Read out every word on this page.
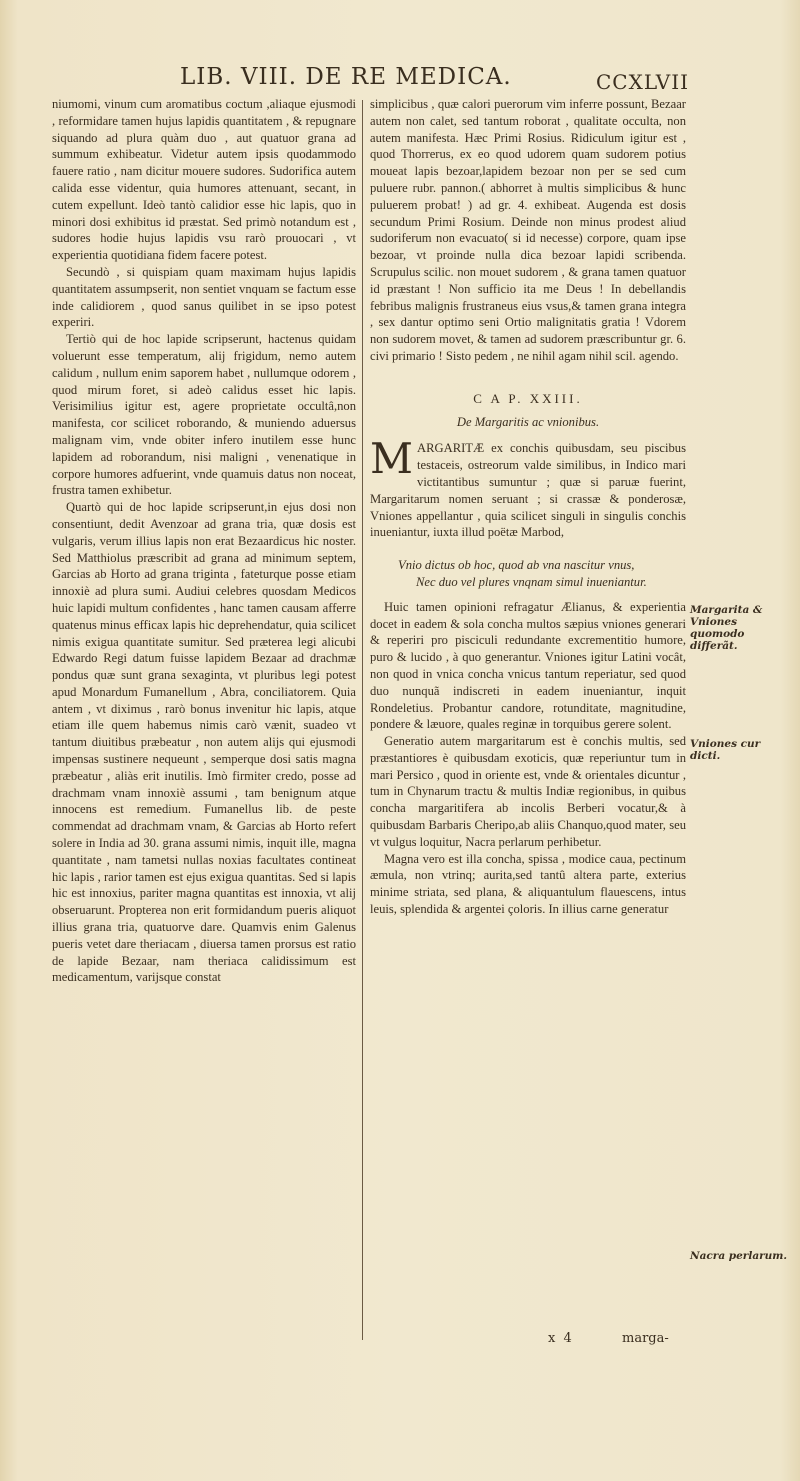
LIB. VIII. DE RE MEDICA.	CCXLVII

niumomi, vinum cum aromatibus coctum ,aliaque ejusmodi , reformidare tamen hujus lapidis quantitatem , & repugnare siquando ad plura quàm duo , aut quatuor grana ad summum exhibeatur. Videtur autem ipsis quodammodo fauere ratio , nam dicitur mouere sudores. Sudorifica autem calida esse videntur, quia humores attenuant, secant, in cutem expellunt. Ideò tantò calidior esse hic lapis, quo in minori dosi exhibitus id præstat. Sed primò notandum est , sudores hodie hujus lapidis vsu rarò prouocari , vt experientia quotidiana fidem facere potest.

Secundò , si quispiam quam maximam hujus lapidis quantitatem assumpserit, non sentiet vnquam se factum esse inde calidiorem , quod sanus quilibet in se ipso potest experiri.

Tertiò qui de hoc lapide scripserunt, hactenus quidam voluerunt esse temperatum, alij frigidum, nemo autem calidum , nullum enim saporem habet , nullumque odorem , quod mirum foret, si adeò calidus esset hic lapis. Verisimilius igitur est, agere proprietate occultâ,non manifesta, cor scilicet roborando, & muniendo aduersus malignam vim, vnde obiter infero inutilem esse hunc lapidem ad roborandum, nisi maligni , venenatique in corpore humores adfuerint, vnde quamuis datus non noceat, frustra tamen exhibetur.

Quartò qui de hoc lapide scripserunt,in ejus dosi non consentiunt, dedit Avenzoar ad grana tria, quæ dosis est vulgaris, verum illius lapis non erat Bezaardicus hic noster. Sed Matthiolus præscribit ad grana ad minimum septem, Garcias ab Horto ad grana triginta , fateturque posse etiam innoxiè ad plura sumi. Audiui celebres quosdam Medicos huic lapidi multum confidentes , hanc tamen causam afferre quatenus minus efficax lapis hic deprehendatur, quia scilicet nimis exigua quantitate sumitur. Sed præterea legi alicubi Edwardo Regi datum fuisse lapidem Bezaar ad drachmæ pondus quæ sunt grana sexaginta, vt pluribus legi potest apud Monardum Fumanellum , Abra, conciliatorem. Quia antem , vt diximus , rarò bonus invenitur hic lapis, atque etiam ille quem habemus nimis carò vænit, suadeo vt tantum diuitibus præbeatur , non autem alijs qui ejusmodi impensas sustinere nequeunt , semperque dosi satis magna præbeatur , aliàs erit inutilis. Imò firmiter credo, posse ad drachmam vnam innoxiè assumi , tam benignum atque innocens est remedium. Fumanellus lib. de peste commendat ad drachmam vnam, & Garcias ab Horto refert solere in India ad 30. grana assumi nimis, inquit ille, magna quantitate , nam tametsi nullas noxias facultates contineat hic lapis , rarior tamen est ejus exigua quantitas. Sed si lapis hic est innoxius, pariter magna quantitas est innoxia, vt alij obseruarunt. Propterea non erit formidandum pueris aliquot illius grana tria, quatuorve dare. Quamvis enim Galenus pueris vetet dare theriacam , diuersa tamen prorsus est ratio de lapide Bezaar, nam theriaca calidissimum est medicamentum, varijsque constat

simplicibus , quæ calori puerorum vim inferre possunt, Bezaar autem non calet, sed tantum roborat , qualitate occulta, non autem manifesta. Hæc Primi Rosius. Ridiculum igitur est , quod Thorrerus, ex eo quod udorem quam sudorem potius moueat lapis bezoar,lapidem bezoar non per se sed cum puluere rubr. pannon.( abhorret à multis simplicibus & hunc puluerem probat! ) ad gr. 4. exhibeat. Augenda est dosis secundum Primi Rosium. Deinde non minus prodest aliud sudoriferum non evacuato( si id necesse) corpore, quam ipse bezoar, vt proinde nulla dica bezoar lapidi scribenda. Scrupulus scilic. non mouet sudorem , & grana tamen quatuor id præstant ! Non sufficio ita me Deus ! In debellandis febribus malignis frustraneus eius vsus,& tamen grana integra , sex dantur optimo seni Ortio malignitatis gratia ! Vdorem non sudorem movet, & tamen ad sudorem præscribuntur gr. 6. civi primario ! Sisto pedem , ne nihil agam nihil scil. agendo.

C A P. XXIII.
De Margaritis ac vnionibus.

MARGARITÆ ex conchis quibusdam, seu piscibus testaceis, ostreorum valde similibus, in Indico mari victitantibus sumuntur ; quæ si paruæ fuerint, Margaritarum nomen seruant ; si crassæ & ponderosæ, Vniones appellantur , quia scilicet singuli in singulis conchis inueniantur, iuxta illud poëtæ Marbod,

Vnio dictus ob hoc, quod ab vna nascitur vnus,
Nec duo vel plures vnqnam simul inueniantur.

Huic tamen opinioni refragatur Ælianus, & experientia docet in eadem & sola concha multos sæpius vniones generari & reperiri pro pisciculi redundante excrementitio humore, puro & lucido , à quo generantur. Vniones igitur Latini vocât, non quod in vnica concha vnicus tantum reperiatur, sed quod duo nunquã indiscreti in eadem inueniantur, inquit Rondeletius. Probantur candore, rotunditate, magnitudine, pondere & læuore, quales reginæ in torquibus gerere solent.

Generatio autem margaritarum est è conchis multis, sed præstantiores è quibusdam exoticis, quæ reperiuntur tum in mari Persico , quod in oriente est, vnde & orientales dicuntur , tum in Chynarum tractu & multis Indiæ regionibus, in quibus concha margaritifera ab incolis Berberi vocatur,& à quibusdam Barbaris Cheripo,ab aliis Chanquo,quod mater, seu vt vulgus loquitur, Nacra perlarum perhibetur.

Magna vero est illa concha, spissa , modice caua, pectinum æmula, non vtrinq; aurita,sed tantû altera parte, exterius minime striata, sed plana, & aliquantulum flauescens, intus leuis, splendida & argentei çoloris. In illius carne generatur

Margarita & Vniones quomodo differãt.
Vniones cur dicti.
Nacra perlarum.
x 4	marga-
